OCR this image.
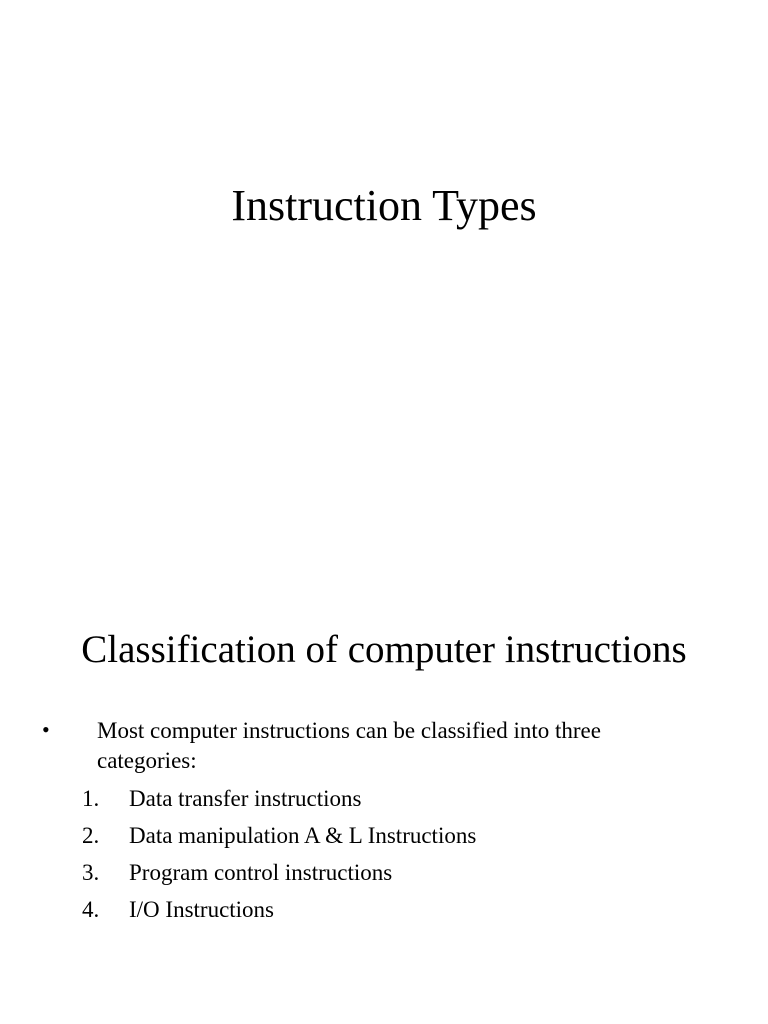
Instruction Types
Classification of computer instructions
• Most computer instructions can be classified into three categories:
1. Data transfer instructions
2. Data manipulation A & L Instructions
3. Program control instructions
4. I/O Instructions
